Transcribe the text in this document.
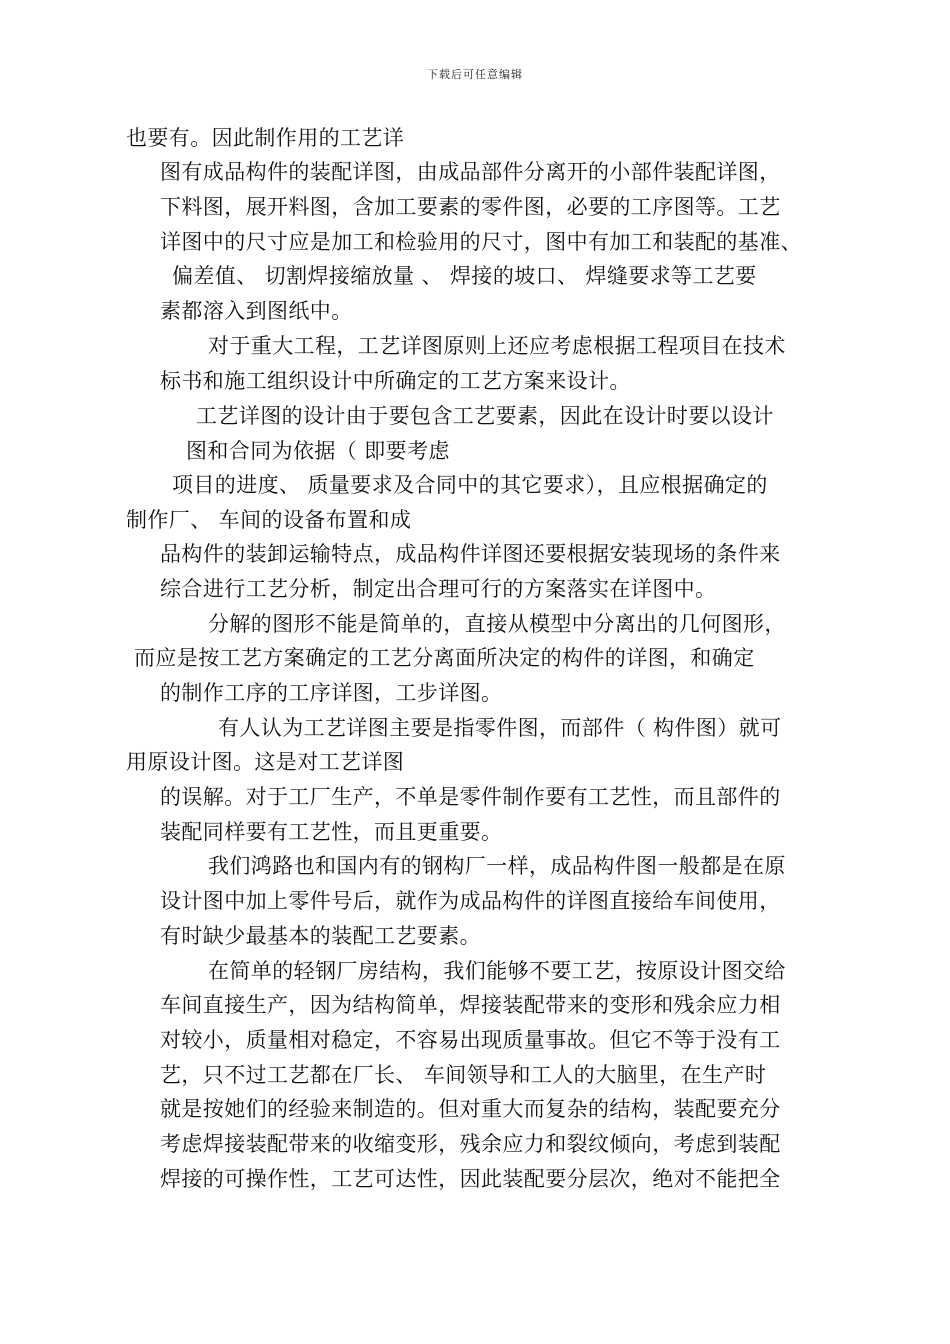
下载后可任意编辑
也要有。因此制作用的工艺详
图有成品构件的装配详图，由成品部件分离开的小部件装配详图，
下料图，展开料图，含加工要素的零件图，必要的工序图等。工艺
详图中的尺寸应是加工和检验用的尺寸，图中有加工和装配的基准、
偏差值、 切割焊接缩放量 、 焊接的坡口、 焊缝要求等工艺要
素都溶入到图纸中。
对于重大工程，工艺详图原则上还应考虑根据工程项目在技术
标书和施工组织设计中所确定的工艺方案来设计。
工艺详图的设计由于要包含工艺要素，因此在设计时要以设计
图和合同为依据（ 即要考虑
项目的进度、 质量要求及合同中的其它要求），且应根据确定的
制作厂、 车间的设备布置和成
品构件的装卸运输特点，成品构件详图还要根据安装现场的条件来
综合进行工艺分析，制定出合理可行的方案落实在详图中。
分解的图形不能是简单的，直接从模型中分离出的几何图形，
而应是按工艺方案确定的工艺分离面所决定的构件的详图，和确定
的制作工序的工序详图，工步详图。
有人认为工艺详图主要是指零件图，而部件（ 构件图）就可
用原设计图。这是对工艺详图
的误解。对于工厂生产，不单是零件制作要有工艺性，而且部件的
装配同样要有工艺性，而且更重要。
我们鸿路也和国内有的钢构厂一样，成品构件图一般都是在原
设计图中加上零件号后，就作为成品构件的详图直接给车间使用，
有时缺少最基本的装配工艺要素。
在简单的轻钢厂房结构，我们能够不要工艺，按原设计图交给
车间直接生产，因为结构简单，焊接装配带来的变形和残余应力相
对较小，质量相对稳定，不容易出现质量事故。但它不等于没有工
艺，只不过工艺都在厂长、 车间领导和工人的大脑里，在生产时
就是按她们的经验来制造的。但对重大而复杂的结构，装配要充分
考虑焊接装配带来的收缩变形，残余应力和裂纹倾向，考虑到装配
焊接的可操作性，工艺可达性，因此装配要分层次，绝对不能把全
